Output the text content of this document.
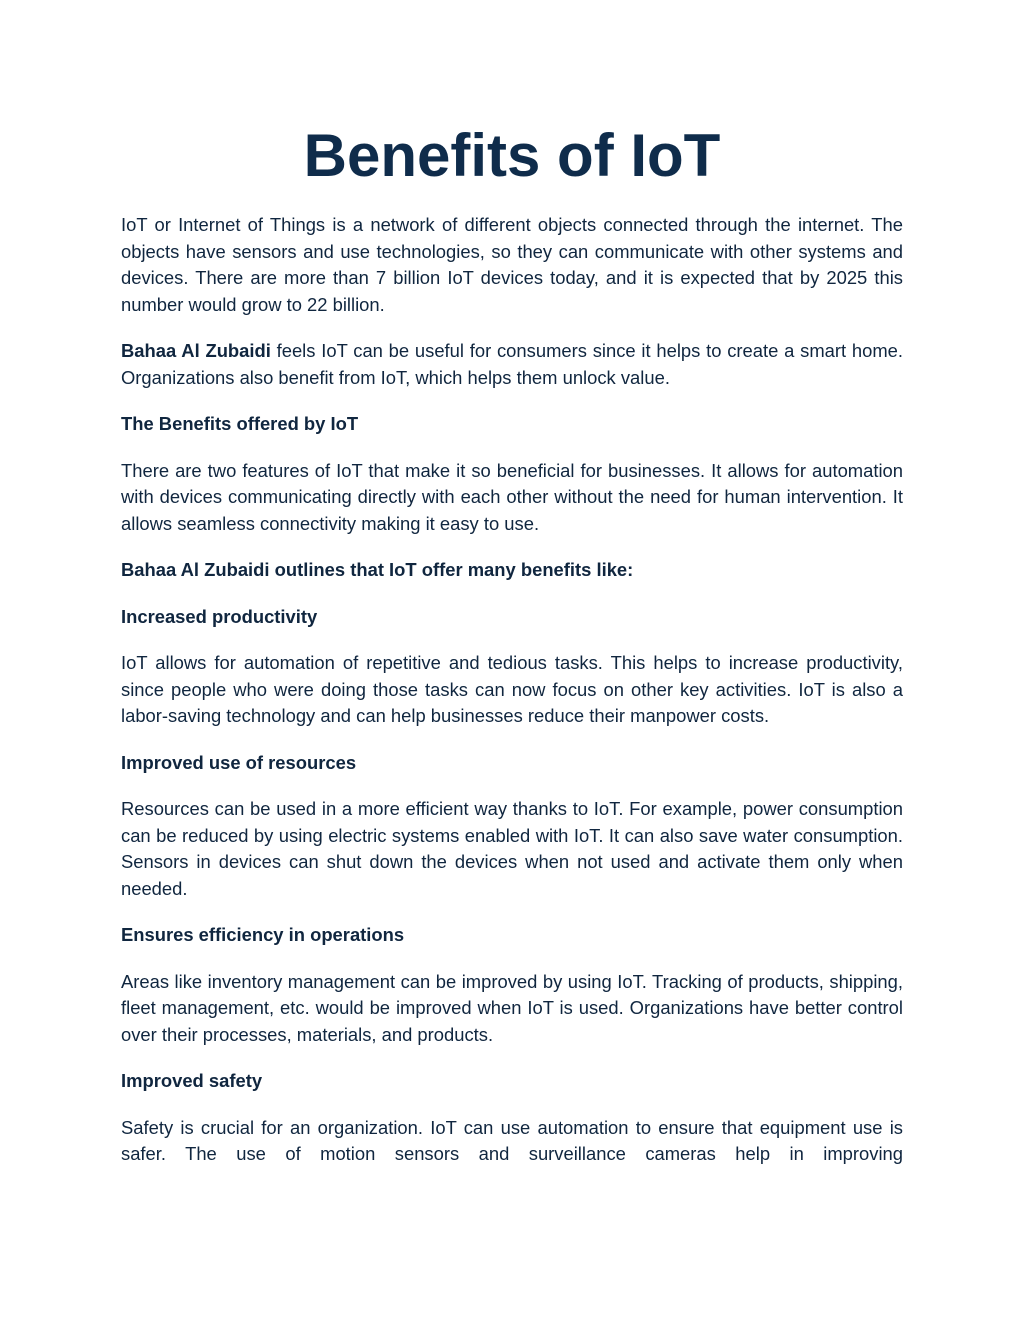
Benefits of IoT

IoT or Internet of Things is a network of different objects connected through the internet. The objects have sensors and use technologies, so they can communicate with other systems and devices. There are more than 7 billion IoT devices today, and it is expected that by 2025 this number would grow to 22 billion.

Bahaa Al Zubaidi feels IoT can be useful for consumers since it helps to create a smart home. Organizations also benefit from IoT, which helps them unlock value.

The Benefits offered by IoT

There are two features of IoT that make it so beneficial for businesses. It allows for automation with devices communicating directly with each other without the need for human intervention. It allows seamless connectivity making it easy to use.

Bahaa Al Zubaidi outlines that IoT offer many benefits like:

Increased productivity

IoT allows for automation of repetitive and tedious tasks. This helps to increase productivity, since people who were doing those tasks can now focus on other key activities. IoT is also a labor-saving technology and can help businesses reduce their manpower costs.

Improved use of resources

Resources can be used in a more efficient way thanks to IoT. For example, power consumption can be reduced by using electric systems enabled with IoT. It can also save water consumption. Sensors in devices can shut down the devices when not used and activate them only when needed.

Ensures efficiency in operations

Areas like inventory management can be improved by using IoT. Tracking of products, shipping, fleet management, etc. would be improved when IoT is used. Organizations have better control over their processes, materials, and products.

Improved safety

Safety is crucial for an organization. IoT can use automation to ensure that equipment use is safer. The use of motion sensors and surveillance cameras help in improving
